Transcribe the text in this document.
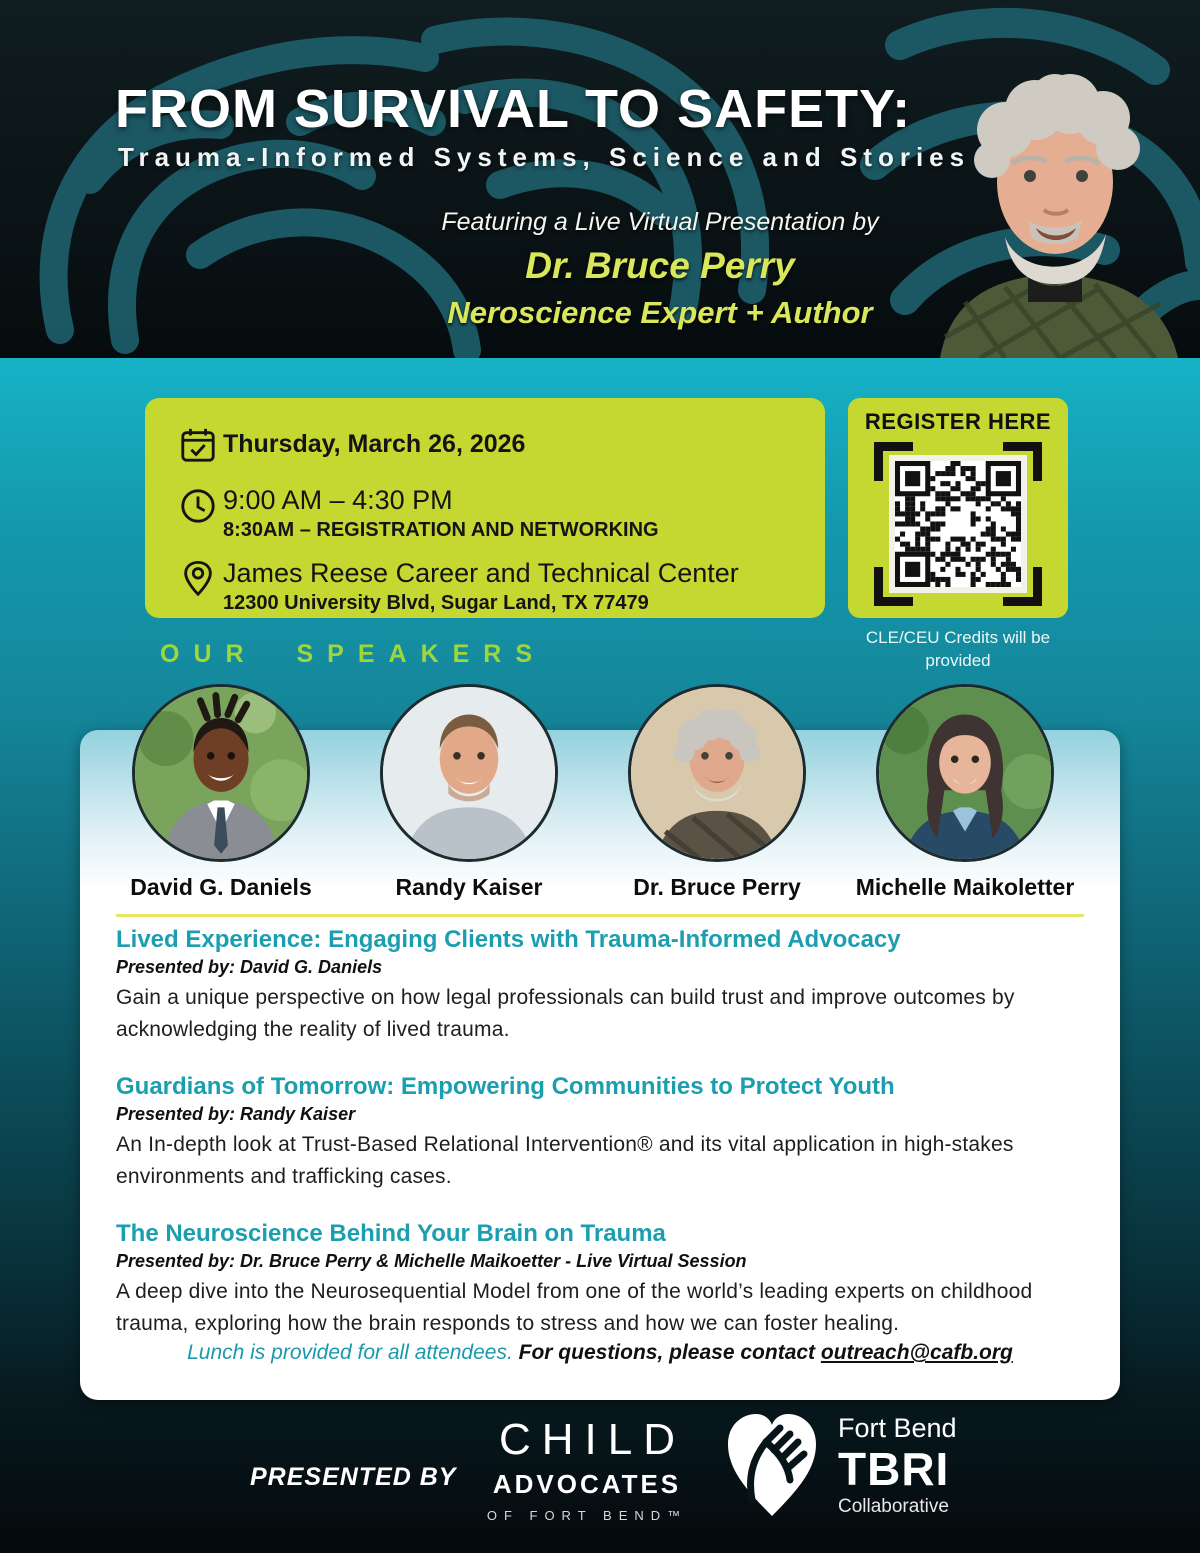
FROM SURVIVAL TO SAFETY:
Trauma-Informed Systems, Science and Stories
Featuring a Live Virtual Presentation by
Dr. Bruce Perry
Neroscience Expert + Author
Thursday, March 26, 2026
9:00 AM – 4:30 PM
8:30AM – REGISTRATION AND NETWORKING
James Reese Career and Technical Center
12300 University Blvd, Sugar Land, TX 77479
REGISTER HERE
CLE/CEU Credits will be provided
OUR SPEAKERS
David G. Daniels	Randy Kaiser	Dr. Bruce Perry	Michelle Maikoletter
Lived Experience: Engaging Clients with Trauma-Informed Advocacy
Presented by: David G. Daniels
Gain a unique perspective on how legal professionals can build trust and improve outcomes by acknowledging the reality of lived trauma.
Guardians of Tomorrow: Empowering Communities to Protect Youth
Presented by: Randy Kaiser
An In-depth look at Trust-Based Relational Intervention® and its vital application in high-stakes environments and trafficking cases.
The Neuroscience Behind Your Brain on Trauma
Presented by: Dr. Bruce Perry & Michelle Maikoetter - Live Virtual Session
A deep dive into the Neurosequential Model from one of the world’s leading experts on childhood trauma, exploring how the brain responds to stress and how we can foster healing.
Lunch is provided for all attendees. For questions, please contact outreach@cafb.org
PRESENTED BY
CHILD
ADVOCATES
OF FORT BEND™
Fort Bend
TBRI
Collaborative
